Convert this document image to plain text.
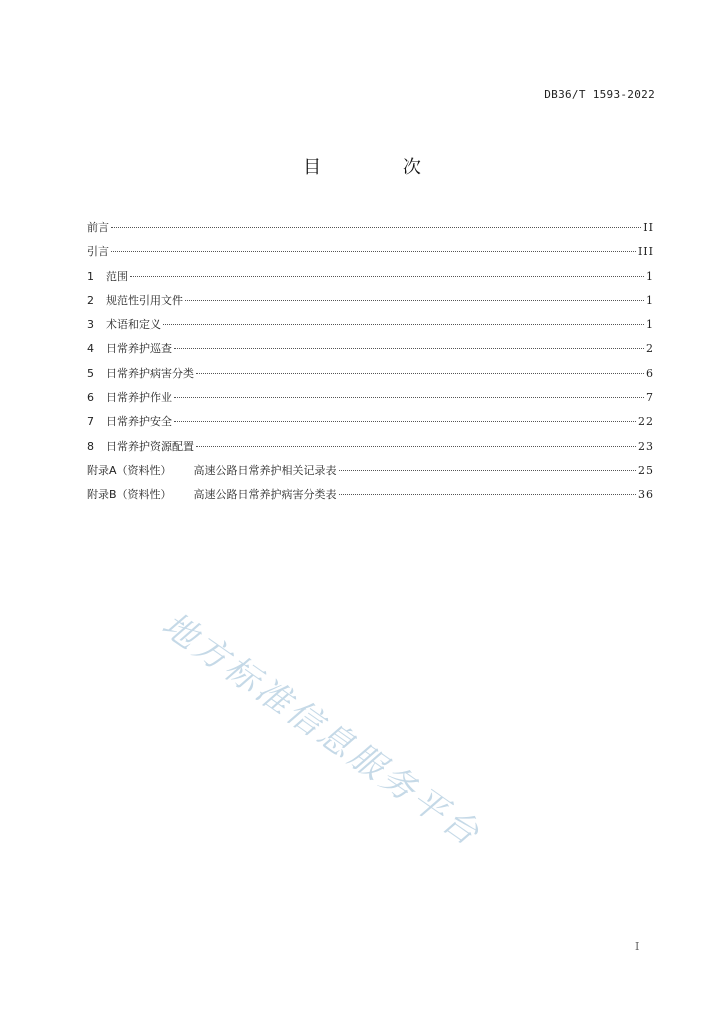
DB36/T 1593-2022
目 次
前言	II
引言	III
1	范围	1
2	规范性引用文件	1
3	术语和定义	1
4	日常养护巡查	2
5	日常养护病害分类	6
6	日常养护作业	7
7	日常养护安全	22
8	日常养护资源配置	23
附录A（资料性） 高速公路日常养护相关记录表	25
附录B（资料性） 高速公路日常养护病害分类表	36
地方标准信息服务平台
I
